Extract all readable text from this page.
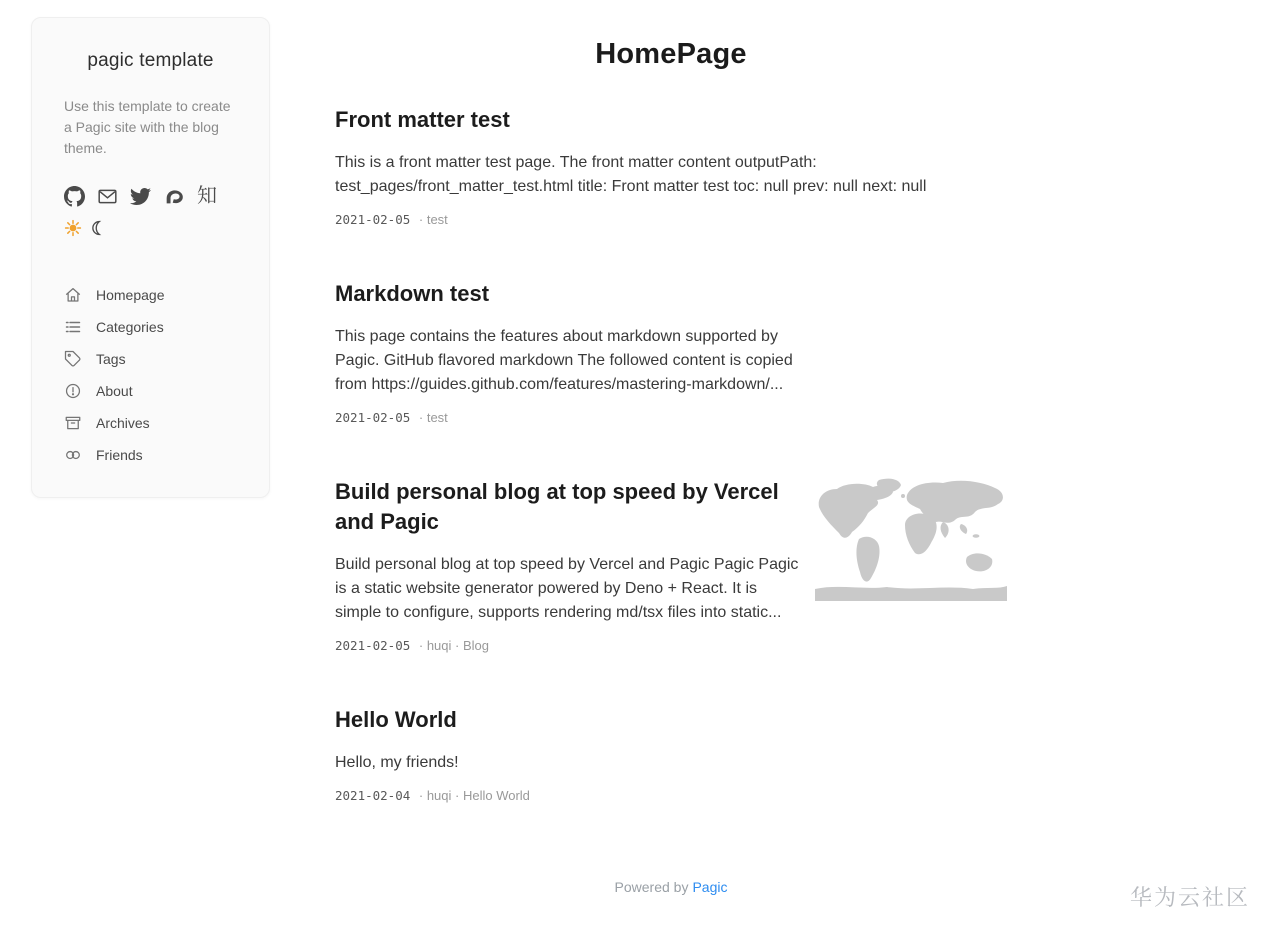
pagic template

Use this template to create a Pagic site with the blog theme.

知
Homepage
Categories
Tags
About
Archives
Friends
HomePage
Front matter test

This is a front matter test page. The front matter content outputPath: test_pages/front_matter_test.html title: Front matter test toc: null prev: null next: null

2021-02-05 · test
Markdown test

This page contains the features about markdown supported by Pagic. GitHub flavored markdown The followed content is copied from https://guides.github.com/features/mastering-markdown/...

2021-02-05 · test
Build personal blog at top speed by Vercel and Pagic

Build personal blog at top speed by Vercel and Pagic Pagic Pagic is a static website generator powered by Deno + React. It is simple to configure, supports rendering md/tsx files into static...

2021-02-05 · huqi · Blog
Hello World

Hello, my friends!

2021-02-04 · huqi · Hello World
Powered by Pagic	华为云社区
